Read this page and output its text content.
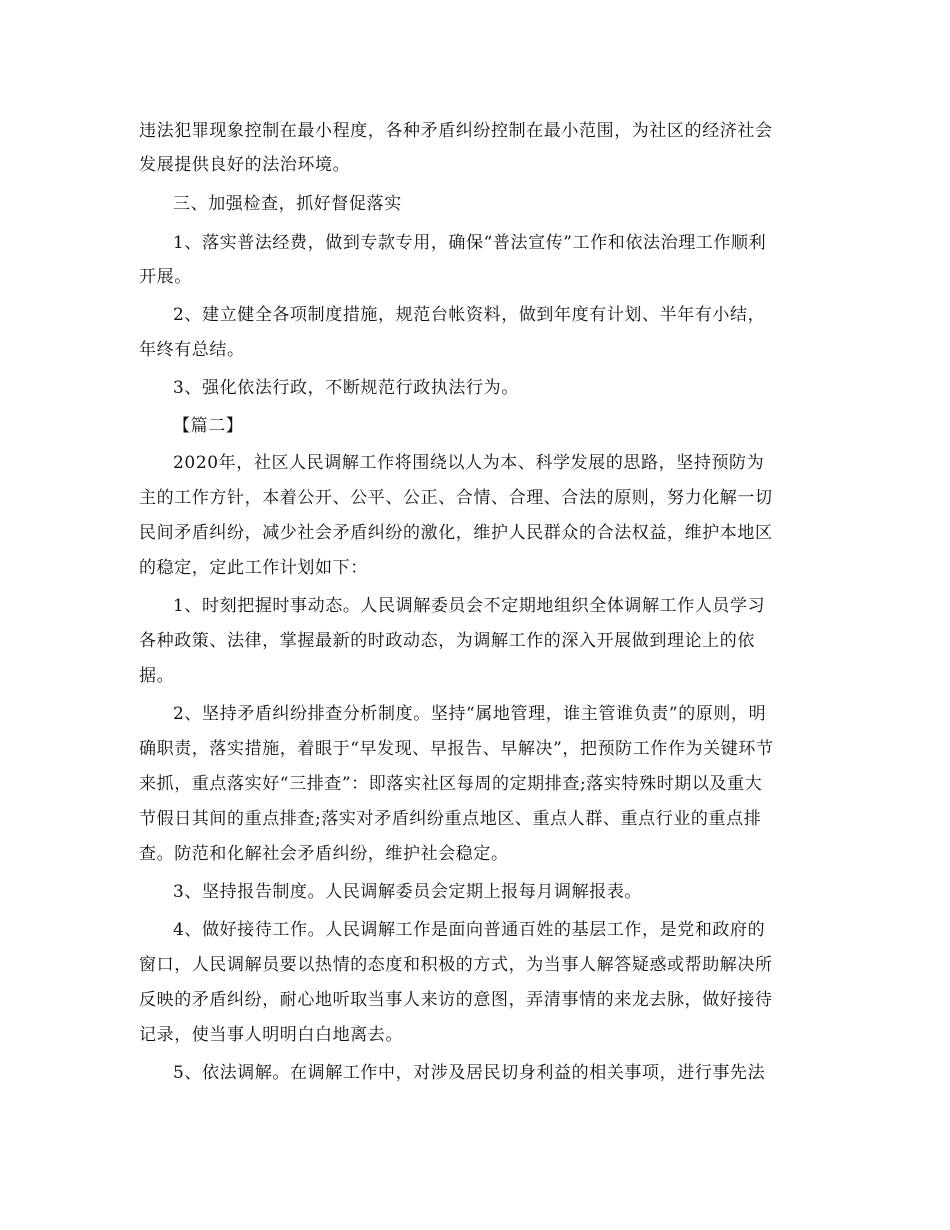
违法犯罪现象控制在最小程度，各种矛盾纠纷控制在最小范围，为社区的经济社会
发展提供良好的法治环境。
三、加强检查，抓好督促落实
1、落实普法经费，做到专款专用，确保“普法宣传”工作和依法治理工作顺利
开展。
2、建立健全各项制度措施，规范台帐资料，做到年度有计划、半年有小结，
年终有总结。
3、强化依法行政，不断规范行政执法行为。
【篇二】
2020年，社区人民调解工作将围绕以人为本、科学发展的思路，坚持预防为
主的工作方针，本着公开、公平、公正、合情、合理、合法的原则，努力化解一切
民间矛盾纠纷，减少社会矛盾纠纷的激化，维护人民群众的合法权益，维护本地区
的稳定，定此工作计划如下：
1、时刻把握时事动态。人民调解委员会不定期地组织全体调解工作人员学习
各种政策、法律，掌握最新的时政动态，为调解工作的深入开展做到理论上的依
据。
2、坚持矛盾纠纷排查分析制度。坚持“属地管理，谁主管谁负责”的原则，明
确职责，落实措施，着眼于“早发现、早报告、早解决”，把预防工作作为关键环节
来抓，重点落实好“三排查”：即落实社区每周的定期排查;落实特殊时期以及重大
节假日其间的重点排查;落实对矛盾纠纷重点地区、重点人群、重点行业的重点排
查。防范和化解社会矛盾纠纷，维护社会稳定。
3、坚持报告制度。人民调解委员会定期上报每月调解报表。
4、做好接待工作。人民调解工作是面向普通百姓的基层工作，是党和政府的
窗口，人民调解员要以热情的态度和积极的方式，为当事人解答疑惑或帮助解决所
反映的矛盾纠纷，耐心地听取当事人来访的意图，弄清事情的来龙去脉，做好接待
记录，使当事人明明白白地离去。
5、依法调解。在调解工作中，对涉及居民切身利益的相关事项，进行事先法
